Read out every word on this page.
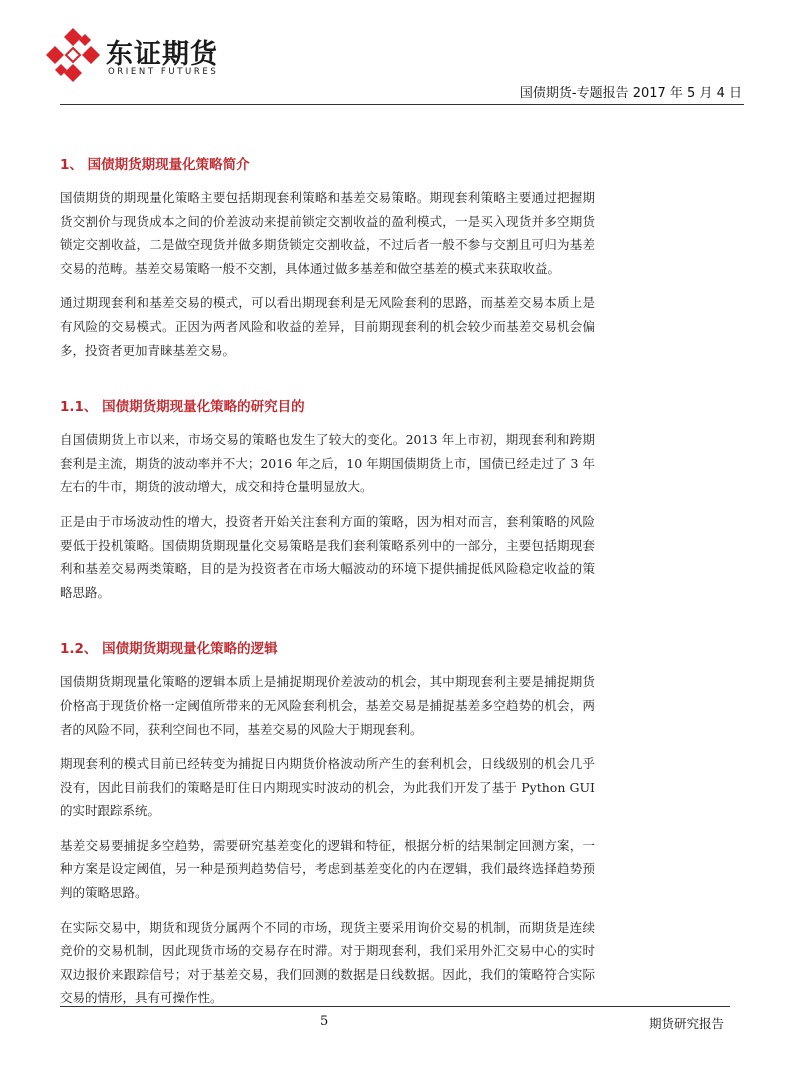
东证期货
ORIENT FUTURES
国债期货-专题报告 2017 年 5 月 4 日
1、 国债期货期现量化策略简介

国债期货的期现量化策略主要包括期现套利策略和基差交易策略。期现套利策略主要通过把握期货交割价与现货成本之间的价差波动来提前锁定交割收益的盈利模式，一是买入现货并多空期货锁定交割收益，二是做空现货并做多期货锁定交割收益，不过后者一般不参与交割且可归为基差交易的范畴。基差交易策略一般不交割，具体通过做多基差和做空基差的模式来获取收益。

通过期现套利和基差交易的模式，可以看出期现套利是无风险套利的思路，而基差交易本质上是有风险的交易模式。正因为两者风险和收益的差异，目前期现套利的机会较少而基差交易机会偏多，投资者更加青睐基差交易。

1.1、 国债期货期现量化策略的研究目的

自国债期货上市以来，市场交易的策略也发生了较大的变化。2013 年上市初，期现套利和跨期套利是主流，期货的波动率并不大；2016 年之后，10 年期国债期货上市，国债已经走过了 3 年左右的牛市，期货的波动增大，成交和持仓量明显放大。

正是由于市场波动性的增大，投资者开始关注套利方面的策略，因为相对而言，套利策略的风险要低于投机策略。国债期货期现量化交易策略是我们套利策略系列中的一部分，主要包括期现套利和基差交易两类策略，目的是为投资者在市场大幅波动的环境下提供捕捉低风险稳定收益的策略思路。

1.2、 国债期货期现量化策略的逻辑

国债期货期现量化策略的逻辑本质上是捕捉期现价差波动的机会，其中期现套利主要是捕捉期货价格高于现货价格一定阈值所带来的无风险套利机会，基差交易是捕捉基差多空趋势的机会，两者的风险不同，获利空间也不同，基差交易的风险大于期现套利。

期现套利的模式目前已经转变为捕捉日内期货价格波动所产生的套利机会，日线级别的机会几乎没有，因此目前我们的策略是盯住日内期现实时波动的机会，为此我们开发了基于 Python GUI 的实时跟踪系统。

基差交易要捕捉多空趋势，需要研究基差变化的逻辑和特征，根据分析的结果制定回测方案，一种方案是设定阈值，另一种是预判趋势信号，考虑到基差变化的内在逻辑，我们最终选择趋势预判的策略思路。

在实际交易中，期货和现货分属两个不同的市场，现货主要采用询价交易的机制，而期货是连续竞价的交易机制，因此现货市场的交易存在时滞。对于期现套利，我们采用外汇交易中心的实时双边报价来跟踪信号；对于基差交易，我们回测的数据是日线数据。因此，我们的策略符合实际交易的情形，具有可操作性。

5	期货研究报告
